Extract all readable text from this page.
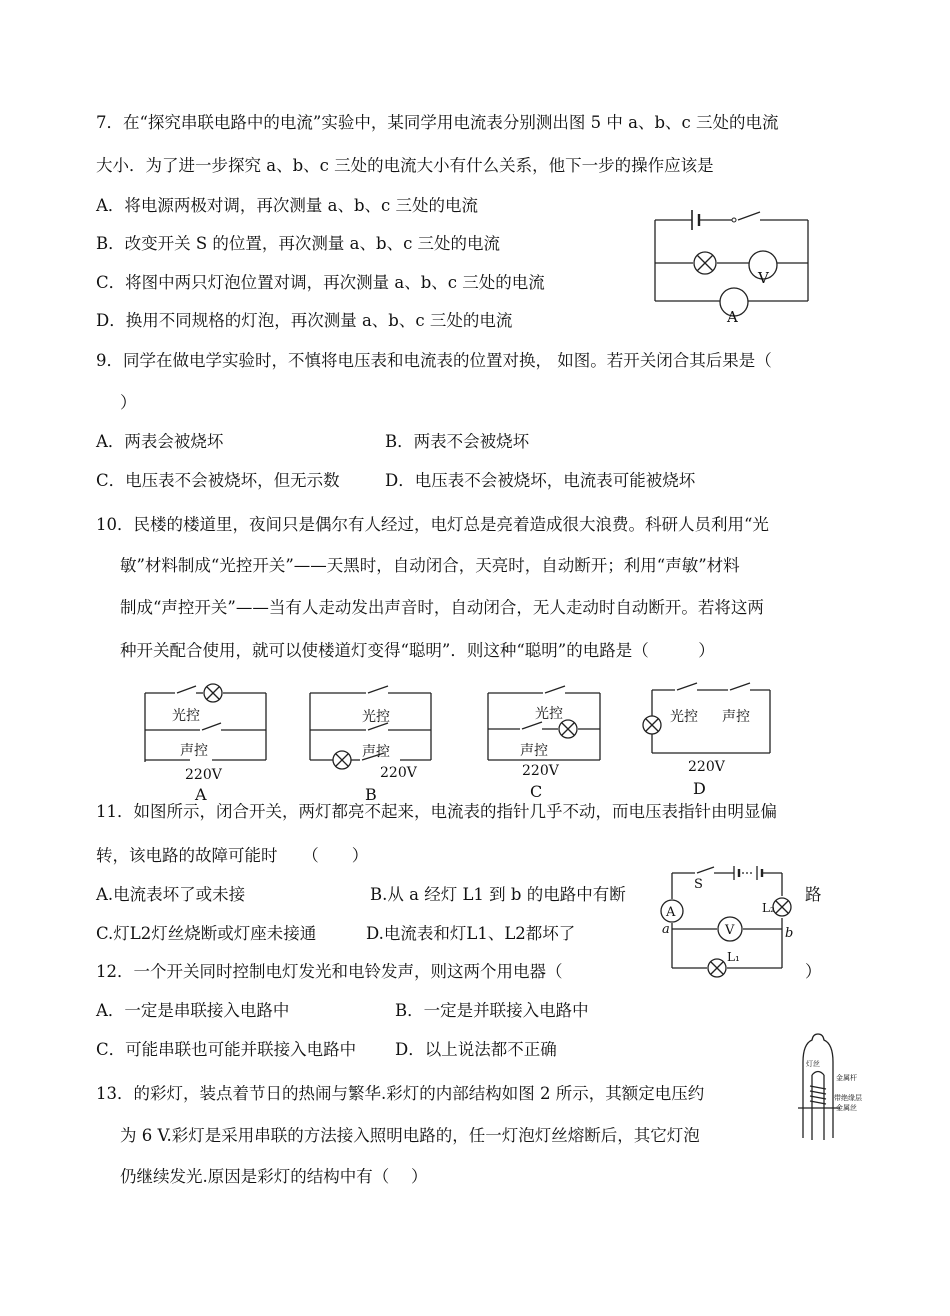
7．在“探究串联电路中的电流”实验中，某同学用电流表分别测出图 5 中 a、b、c 三处的电流
大小．为了进一步探究 a、b、c 三处的电流大小有什么关系，他下一步的操作应该是
A．将电源两极对调，再次测量 a、b、c 三处的电流
B．改变开关 S 的位置，再次测量 a、b、c 三处的电流
C．将图中两只灯泡位置对调，再次测量 a、b、c 三处的电流
D．换用不同规格的灯泡，再次测量 a、b、c 三处的电流
V
A
9．同学在做电学实验时，不慎将电压表和电流表的位置对换， 如图。若开关闭合其后果是（
）
A．两表会被烧坏	B．两表不会被烧坏
C．电压表不会被烧坏，但无示数	D．电压表不会被烧坏，电流表可能被烧坏
10．民楼的楼道里，夜间只是偶尔有人经过，电灯总是亮着造成很大浪费。科研人员利用“光
敏”材料制成“光控开关”——天黑时，自动闭合，天亮时，自动断开；利用“声敏”材料
制成“声控开关”——当有人走动发出声音时，自动闭合，无人走动时自动断开。若将这两
种开关配合使用，就可以使楼道灯变得“聪明”．则这种“聪明”的电路是（　　　）
光控
声控
220V
A
光控
声控
220V
B
光控
声控
220V
C
光控 声控
220V
D
11．如图所示，闭合开关，两灯都亮不起来，电流表的指针几乎不动，而电压表指针由明显偏
转，该电路的故障可能时　　（　　）
A.电流表坏了或未接	B.从 a 经灯 L1 到 b 的电路中有断	路
C.灯L2灯丝烧断或灯座未接通	D.电流表和灯L1、L2都坏了
S
A	L₂
V
a	b
L₁
12．一个开关同时控制电灯发光和电铃发声，则这两个用电器（	）
A．一定是串联接入电路中	B．一定是并联接入电路中
C．可能串联也可能并联接入电路中 D．以上说法都不正确
13．的彩灯，装点着节日的热闹与繁华.彩灯的内部结构如图 2 所示，其额定电压约
为 6 V.彩灯是采用串联的方法接入照明电路的，任一灯泡灯丝熔断后，其它灯泡
仍继续发光.原因是彩灯的结构中有（　 ）
灯丝
金属杆
带绝缘层
金属丝
